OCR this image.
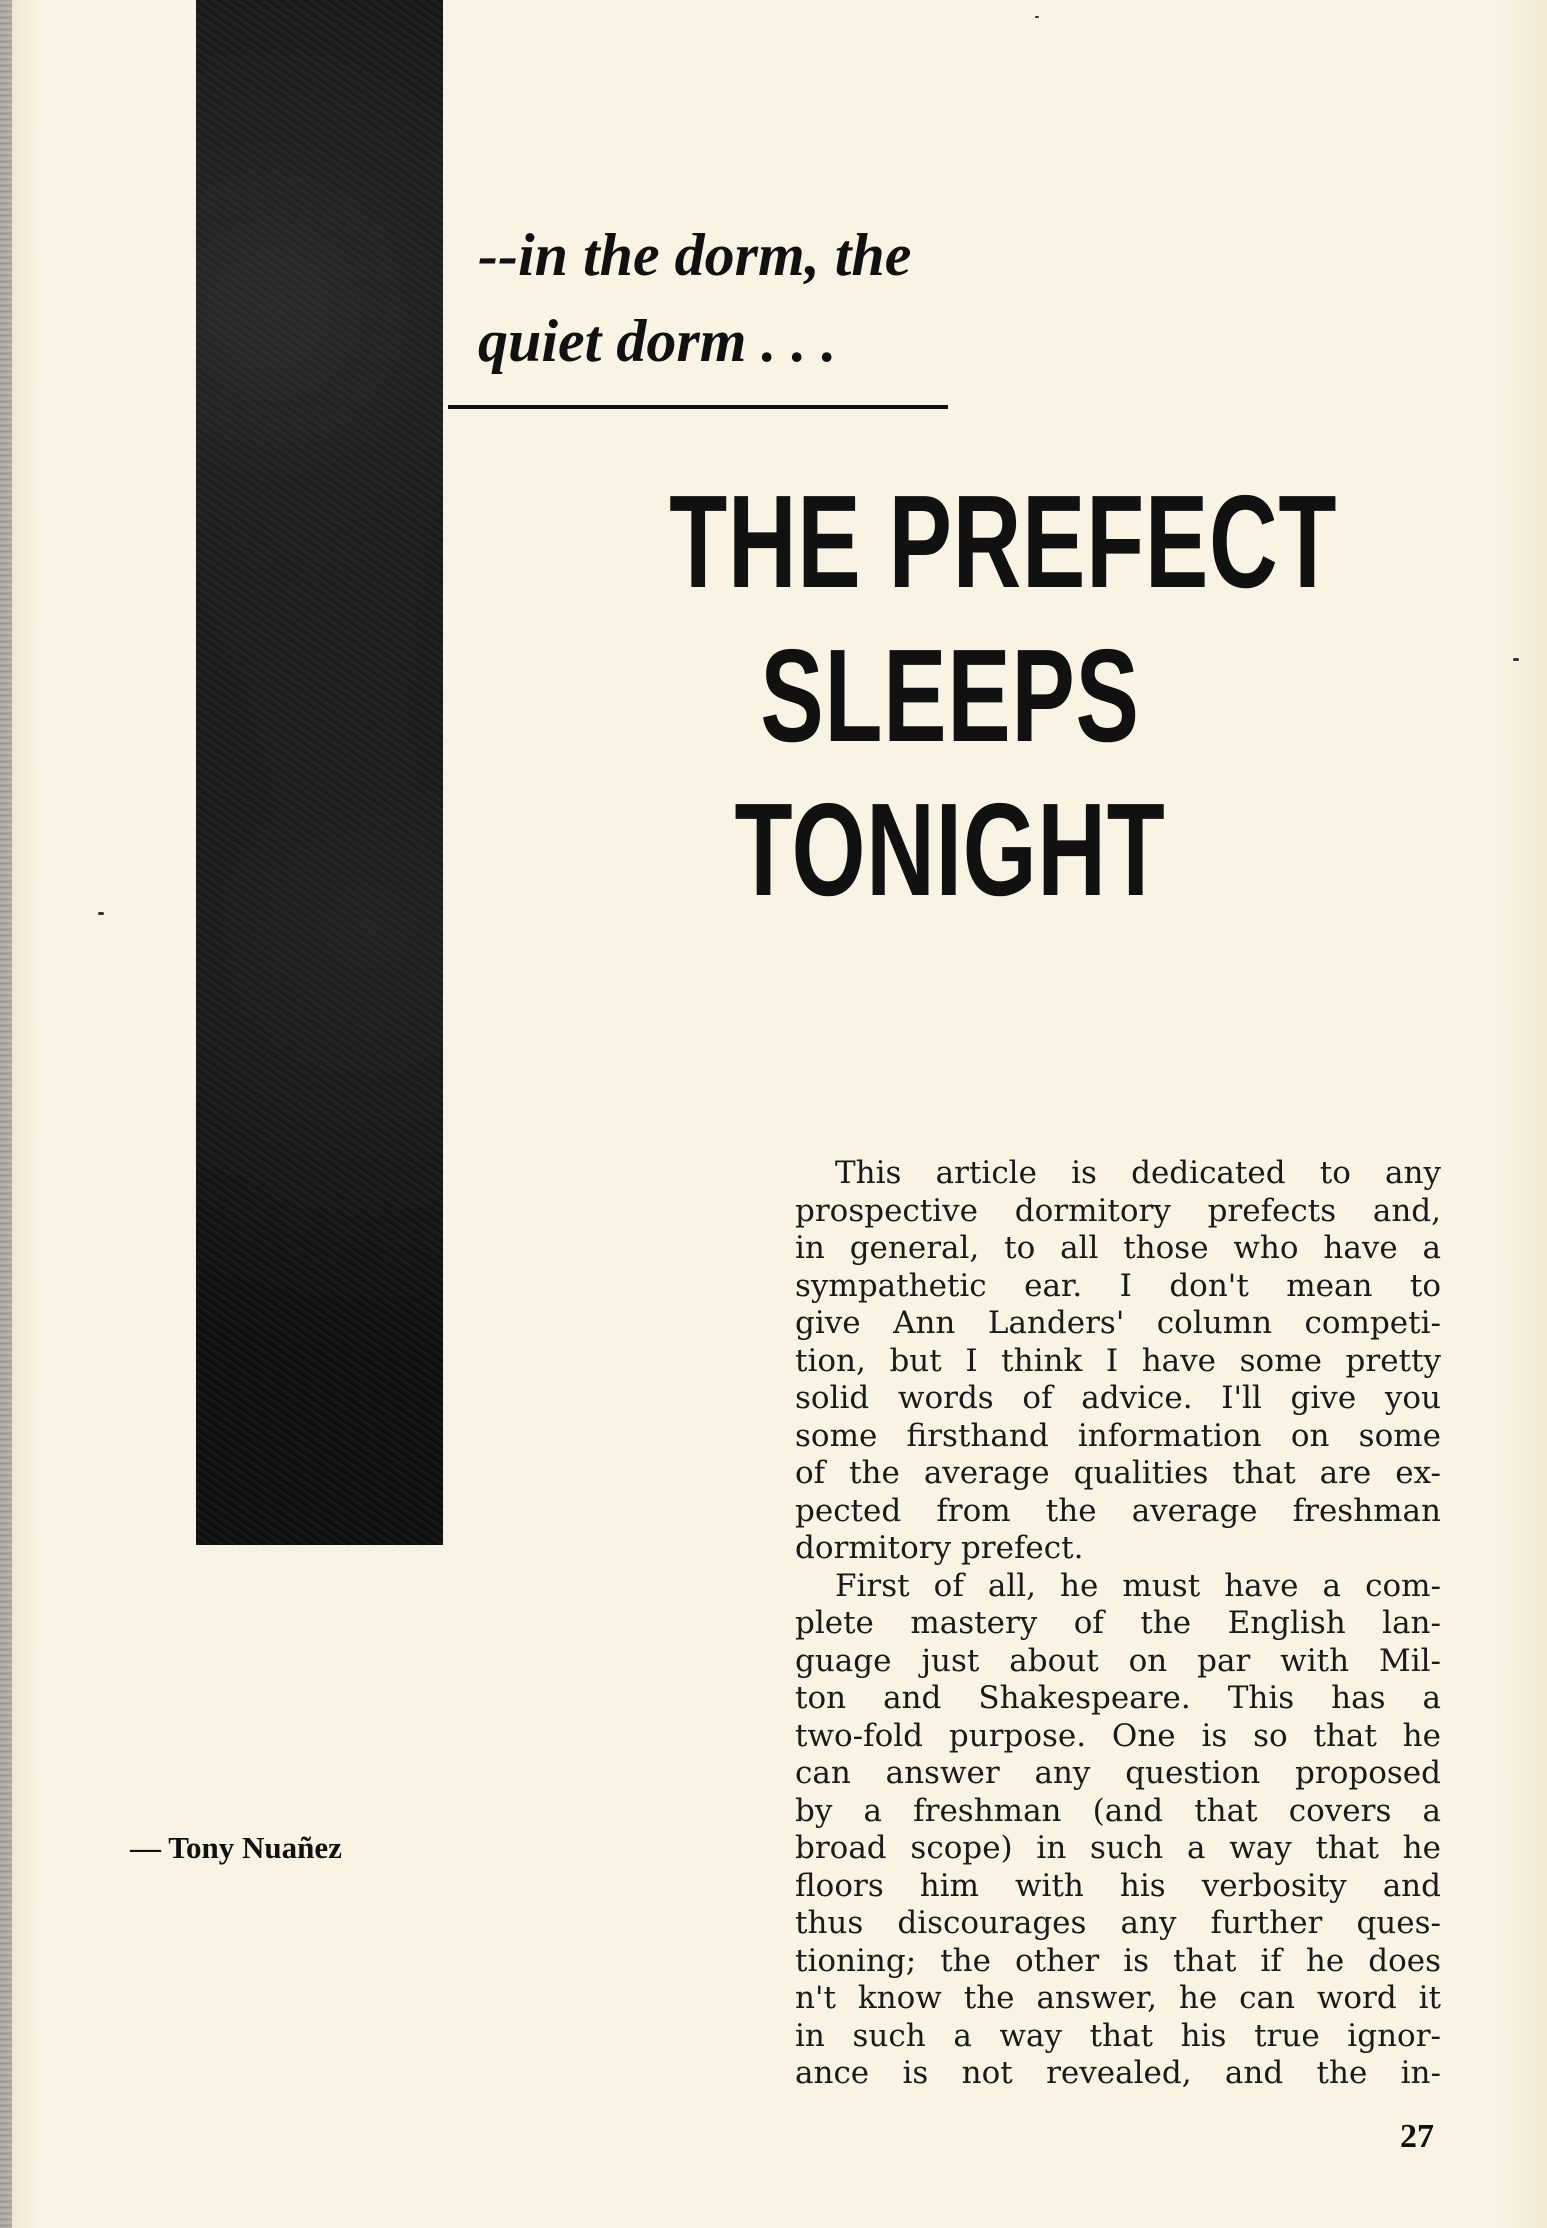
--in the dorm, the
quiet dorm . . .
THE PREFECT
SLEEPS
TONIGHT
— Tony Nuañez
This article is dedicated to any
prospective dormitory prefects and,
in general, to all those who have a
sympathetic ear. I don't mean to
give Ann Landers' column competi-
tion, but I think I have some pretty
solid words of advice. I'll give you
some firsthand information on some
of the average qualities that are ex-
pected from the average freshman
dormitory prefect.
First of all, he must have a com-
plete mastery of the English lan-
guage just about on par with Mil-
ton and Shakespeare. This has a
two-fold purpose. One is so that he
can answer any question proposed
by a freshman (and that covers a
broad scope) in such a way that he
floors him with his verbosity and
thus discourages any further ques-
tioning; the other is that if he does
n't know the answer, he can word it
in such a way that his true ignor-
ance is not revealed, and the in-
27
